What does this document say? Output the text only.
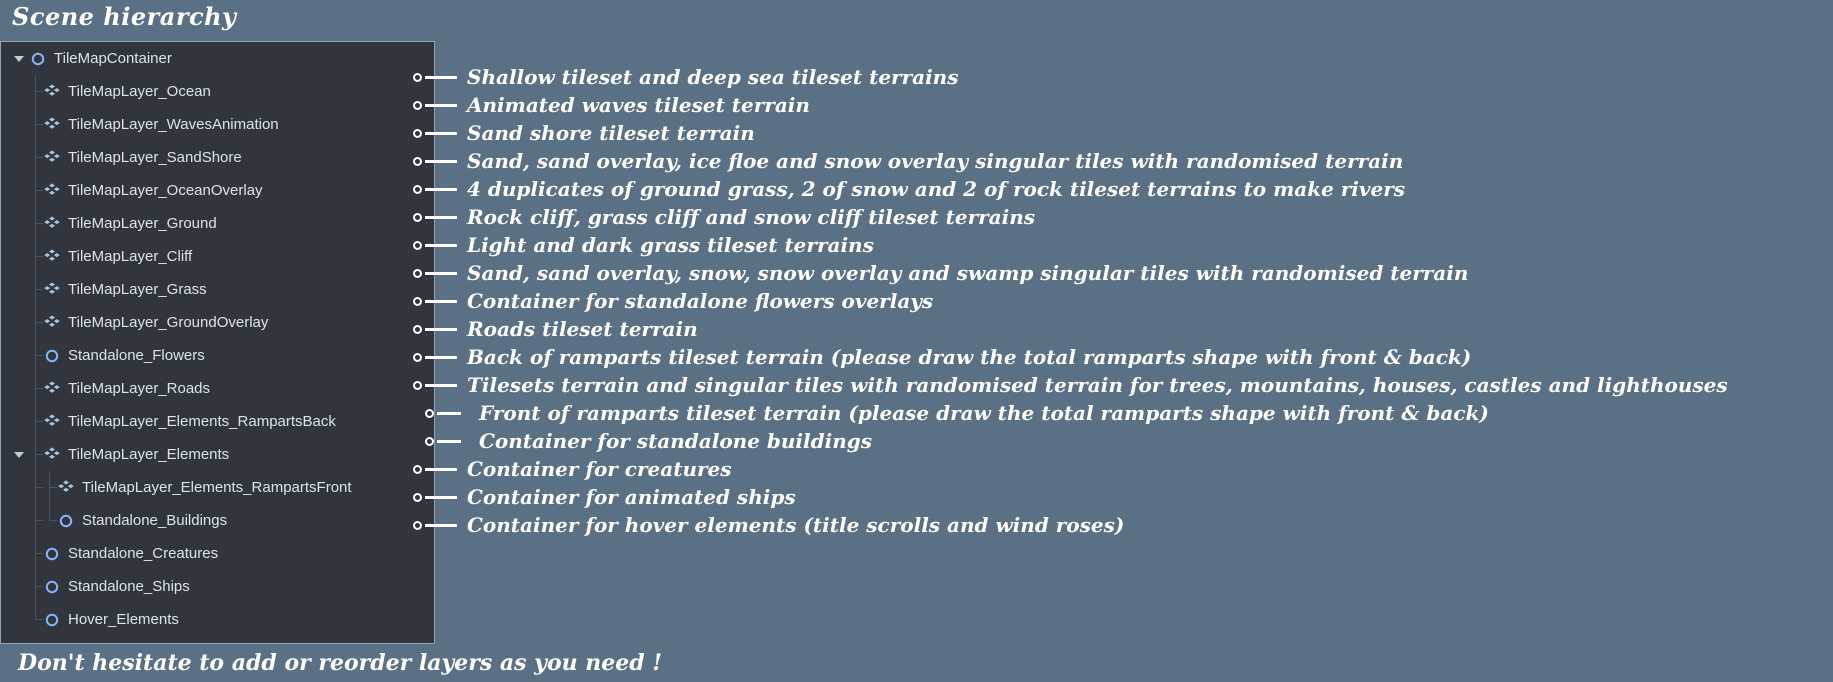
Scene hierarchy
TileMapContainer
TileMapLayer_Ocean
TileMapLayer_WavesAnimation
TileMapLayer_SandShore
TileMapLayer_OceanOverlay
TileMapLayer_Ground
TileMapLayer_Cliff
TileMapLayer_Grass
TileMapLayer_GroundOverlay
Standalone_Flowers
TileMapLayer_Roads
TileMapLayer_Elements_RampartsBack
TileMapLayer_Elements
TileMapLayer_Elements_RampartsFront
Standalone_Buildings
Standalone_Creatures
Standalone_Ships
Hover_Elements
Shallow tileset and deep sea tileset terrains
Animated waves tileset terrain
Sand shore tileset terrain
Sand, sand overlay, ice floe and snow overlay singular tiles with randomised terrain
4 duplicates of ground grass, 2 of snow and 2 of rock tileset terrains to make rivers
Rock cliff, grass cliff and snow cliff tileset terrains
Light and dark grass tileset terrains
Sand, sand overlay, snow, snow overlay and swamp singular tiles with randomised terrain
Container for standalone flowers overlays
Roads tileset terrain
Back of ramparts tileset terrain (please draw the total ramparts shape with front & back)
Tilesets terrain and singular tiles with randomised terrain for trees, mountains, houses, castles and lighthouses
Front of ramparts tileset terrain (please draw the total ramparts shape with front & back)
Container for standalone buildings
Container for creatures
Container for animated ships
Container for hover elements (title scrolls and wind roses)
Don't hesitate to add or reorder layers as you need !
